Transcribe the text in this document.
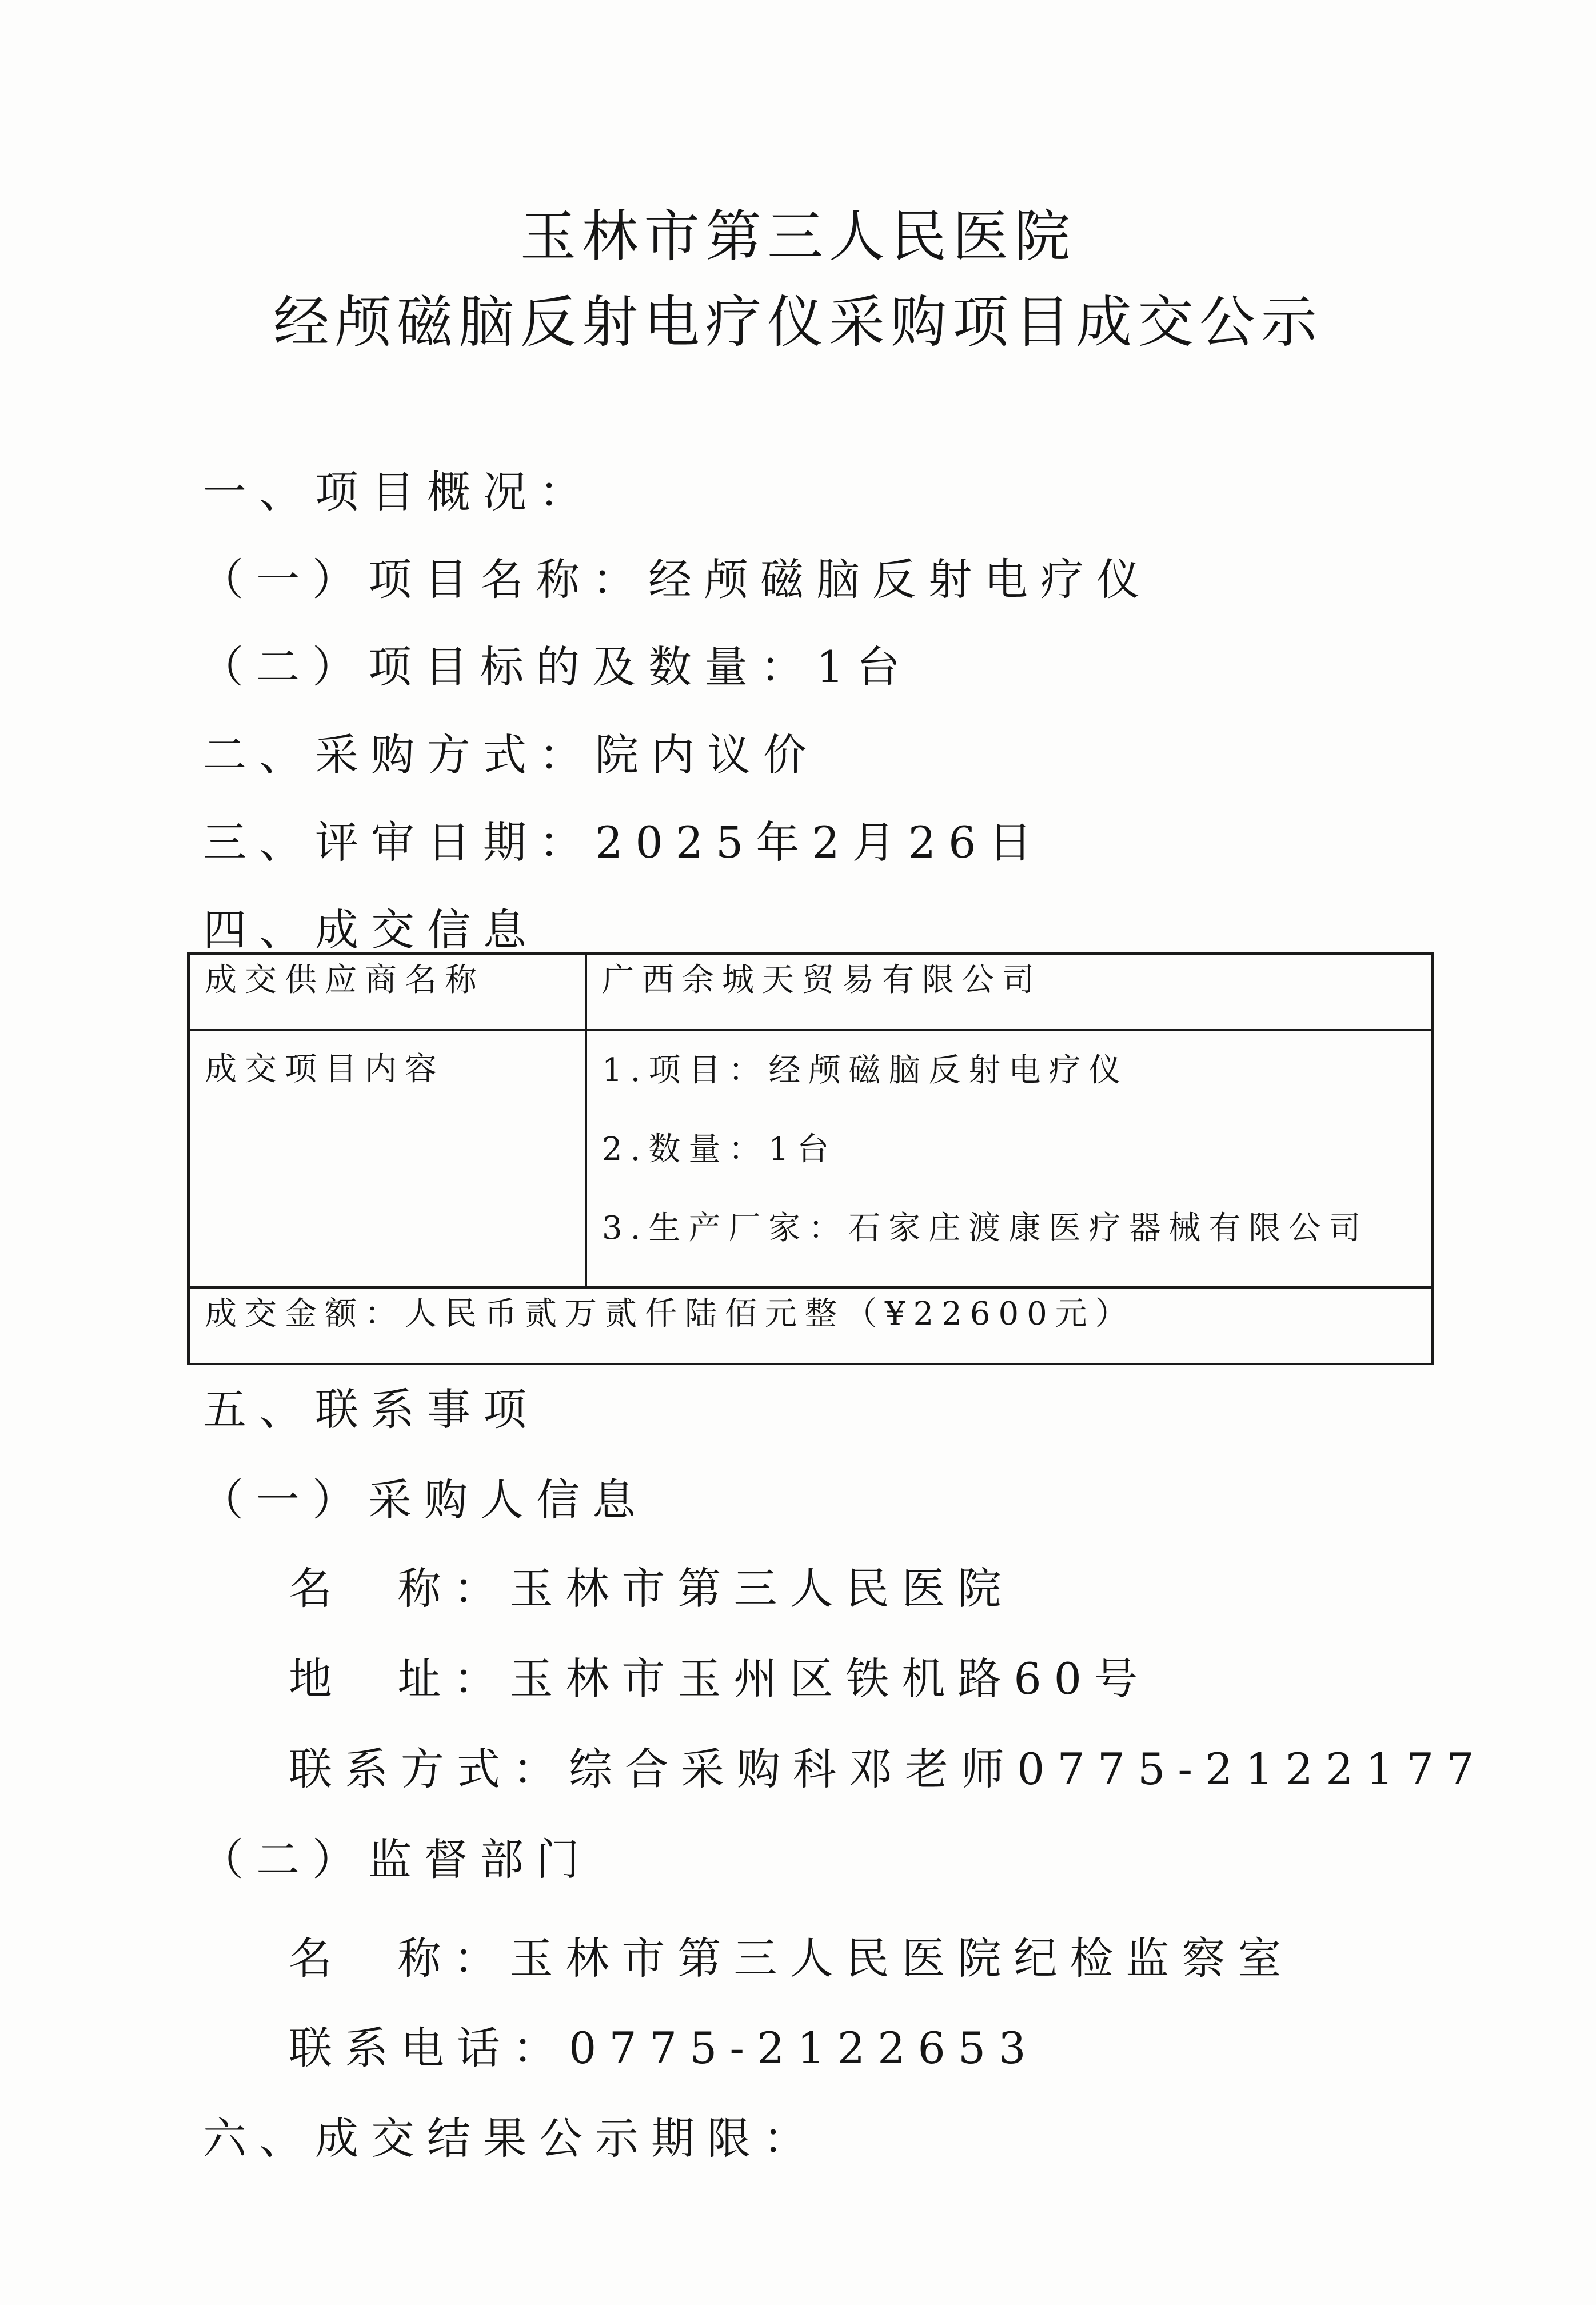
玉林市第三人民医院
经颅磁脑反射电疗仪采购项目成交公示
一、项目概况：
（一）项目名称：经颅磁脑反射电疗仪
（二）项目标的及数量：1台
二、采购方式：院内议价
三、评审日期：2025年2月26日
四、成交信息
成交供应商名称	广西余城天贸易有限公司
成交项目内容	1.项目：经颅磁脑反射电疗仪
2.数量：1台
3.生产厂家：石家庄渡康医疗器械有限公司

成交金额：人民币贰万贰仟陆佰元整（¥22600元）	
五、联系事项
（一）采购人信息
名  称：玉林市第三人民医院
地  址：玉林市玉州区铁机路60号
联系方式：综合采购科邓老师0775-2122177
（二）监督部门
名  称：玉林市第三人民医院纪检监察室
联系电话：0775-2122653
六、成交结果公示期限：
